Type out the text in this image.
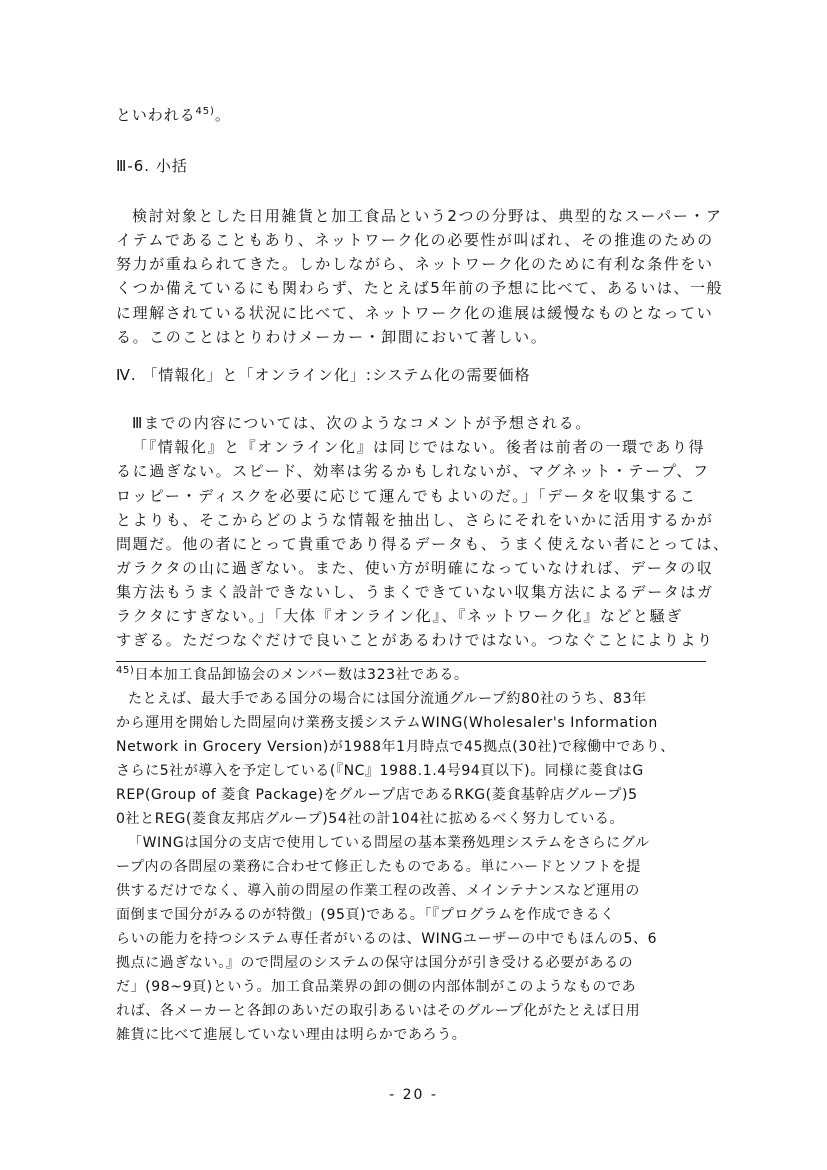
といわれる$^{45)}$。
Ⅲ-6. 小括
検討対象とした日用雑貨と加工食品という2つの分野は、典型的なスーパー・ア
イテムであることもあり、ネットワーク化の必要性が叫ばれ、その推進のための
努力が重ねられてきた。しかしながら、ネットワーク化のために有利な条件をい
くつか備えているにも関わらず、たとえば5年前の予想に比べて、あるいは、一般
に理解されている状況に比べて、ネットワーク化の進展は緩慢なものとなってい
る。このことはとりわけメーカー・卸間において著しい。
Ⅳ. 「情報化」と「オンライン化」:システム化の需要価格
Ⅲまでの内容については、次のようなコメントが予想される。
「『情報化』と『オンライン化』は同じではない。後者は前者の一環であり得
るに過ぎない。スピード、効率は劣るかもしれないが、マグネット・テープ、フ
ロッピー・ディスクを必要に応じて運んでもよいのだ。」「データを収集するこ
とよりも、そこからどのような情報を抽出し、さらにそれをいかに活用するかが
問題だ。他の者にとって貴重であり得るデータも、うまく使えない者にとっては、
ガラクタの山に過ぎない。また、使い方が明確になっていなければ、データの収
集方法もうまく設計できないし、うまくできていない収集方法によるデータはガ
ラクタにすぎない。」「大体『オンライン化』、『ネットワーク化』などと騒ぎ
すぎる。ただつなぐだけで良いことがあるわけではない。つなぐことによりより
$^{45)}$日本加工食品卸協会のメンバー数は323社である。
たとえば、最大手である国分の場合には国分流通グループ約80社のうち、83年
から運用を開始した問屋向け業務支援システムWING(Wholesaler's Information
Network in Grocery Version)が1988年1月時点で45拠点(30社)で稼働中であり、
さらに5社が導入を予定している(『NC』1988.1.4号94頁以下)。同様に菱食はG
REP(Group of 菱食 Package)をグループ店であるRKG(菱食基幹店グループ)5
0社とREG(菱食友邦店グループ)54社の計104社に拡めるべく努力している。
「WINGは国分の支店で使用している問屋の基本業務処理システムをさらにグル
ープ内の各問屋の業務に合わせて修正したものである。単にハードとソフトを提
供するだけでなく、導入前の問屋の作業工程の改善、メインテナンスなど運用の
面倒まで国分がみるのが特徴」(95頁)である。「『プログラムを作成できるく
らいの能力を持つシステム専任者がいるのは、WINGユーザーの中でもほんの5、6
拠点に過ぎない。』ので問屋のシステムの保守は国分が引き受ける必要があるの
だ」(98~9頁)という。加工食品業界の卸の側の内部体制がこのようなものであ
れば、各メーカーと各卸のあいだの取引あるいはそのグループ化がたとえば日用
雑貨に比べて進展していない理由は明らかであろう。
- 20 -
